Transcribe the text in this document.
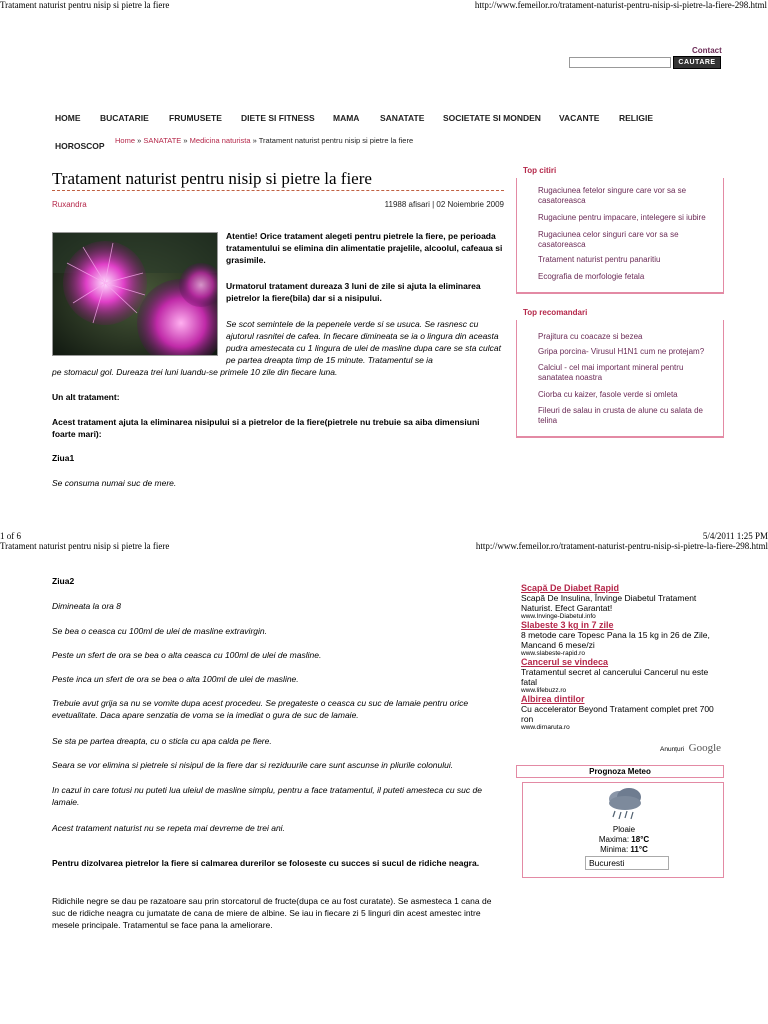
Tratament naturist pentru nisip si pietre la fiere	http://www.femeilor.ro/tratament-naturist-pentru-nisip-si-pietre-la-fiere-298.html
Contact
CAUTARE
HOME BUCATARIE FRUMUSETE DIETE SI FITNESS MAMA SANATATE SOCIETATE SI MONDEN VACANTE RELIGIE
HOROSCOP
Home » SANATATE » Medicina naturista » Tratament naturist pentru nisip si pietre la fiere
Tratament naturist pentru nisip si pietre la fiere
Ruxandra	11988 afisari | 02 Noiembrie 2009
Atentie! Orice tratament alegeti pentru pietrele la fiere, pe perioada tratamentului se elimina din alimentatie prajelile, alcoolul, cafeaua si grasimile.
Urmatorul tratament dureaza 3 luni de zile si ajuta la eliminarea pietrelor la fiere(bila) dar si a nisipului.
Se scot semintele de la pepenele verde si se usuca. Se rasnesc cu ajutorul rasnitei de cafea. In fiecare dimineata se ia o lingura din aceasta pudra amestecata cu 1 lingura de ulei de masline dupa care se sta culcat pe partea dreapta timp de 15 minute. Tratamentul se ia
pe stomacul gol. Dureaza trei luni luandu-se primele 10 zile din fiecare luna.
Un alt tratament:
Acest tratament ajuta la eliminarea nisipului si a pietrelor de la fiere(pietrele nu trebuie sa aiba dimensiuni foarte mari):
Ziua1
Se consuma numai suc de mere.
Top citiri
Rugaciunea fetelor singure care vor sa se casatoreasca
Rugaciune pentru impacare, intelegere si iubire
Rugaciunea celor singuri care vor sa se casatoreasca
Tratament naturist pentru panaritiu
Ecografia de morfologie fetala
Top recomandari
Prajitura cu coacaze si bezea
Gripa porcina- Virusul H1N1 cum ne protejam?
Calciul - cel mai important mineral pentru sanatatea noastra
Ciorba cu kaizer, fasole verde si omleta
Fileuri de salau in crusta de alune cu salata de telina
1 of 6	5/4/2011 1:25 PM
Tratament naturist pentru nisip si pietre la fiere	http://www.femeilor.ro/tratament-naturist-pentru-nisip-si-pietre-la-fiere-298.html
Ziua2
Dimineata la ora 8
Se bea o ceasca cu 100ml de ulei de masline extravirgin.
Peste un sfert de ora se bea o alta ceasca cu 100ml de ulei de masline.
Peste inca un sfert de ora se bea o alta 100ml de ulei de masline.
Trebuie avut grija sa nu se vomite dupa acest procedeu. Se pregateste o ceasca cu suc de lamaie pentru orice evetualitate. Daca apare senzatia de voma se ia imediat o gura de suc de lamaie.
Se sta pe partea dreapta, cu o sticla cu apa calda pe fiere.
Seara se vor elimina si pietrele si nisipul de la fiere dar si reziduurile care sunt ascunse in pliurile colonului.
In cazul in care totusi nu puteti lua uleiul de masline simplu, pentru a face tratamentul, il puteti amesteca cu suc de lamaie.
Acest tratament naturist nu se repeta mai devreme de trei ani.
Pentru dizolvarea pietrelor la fiere si calmarea durerilor se foloseste cu succes si sucul de ridiche neagra.
Ridichile negre se dau pe razatoare sau prin storcatorul de fructe(dupa ce au fost curatate). Se asmesteca 1 cana de suc de ridiche neagra cu jumatate de cana de miere de albine. Se iau in fiecare zi 5 linguri din acest amestec intre mesele principale. Tratamentul se face pana la ameliorare.
Scapă De Diabet Rapid
Scapă De Insulina, Învinge Diabetul Tratament Naturist. Efect Garantat!
www.Invinge-Diabetul.info
Slabeste 3 kg in 7 zile
8 metode care Topesc Pana la 15 kg in 26 de Zile, Mancand 6 mese/zi
www.slabeste-rapid.ro
Cancerul se vindeca
Tratamentul secret al cancerului Cancerul nu este fatal
www.lifebuzz.ro
Albirea dintilor
Cu accelerator Beyond Tratament complet pret 700 ron
www.dirnaruta.ro
Anunțuri Google
Prognoza Meteo
Ploaie
Maxima: 18°C
Minima: 11°C
Bucuresti
